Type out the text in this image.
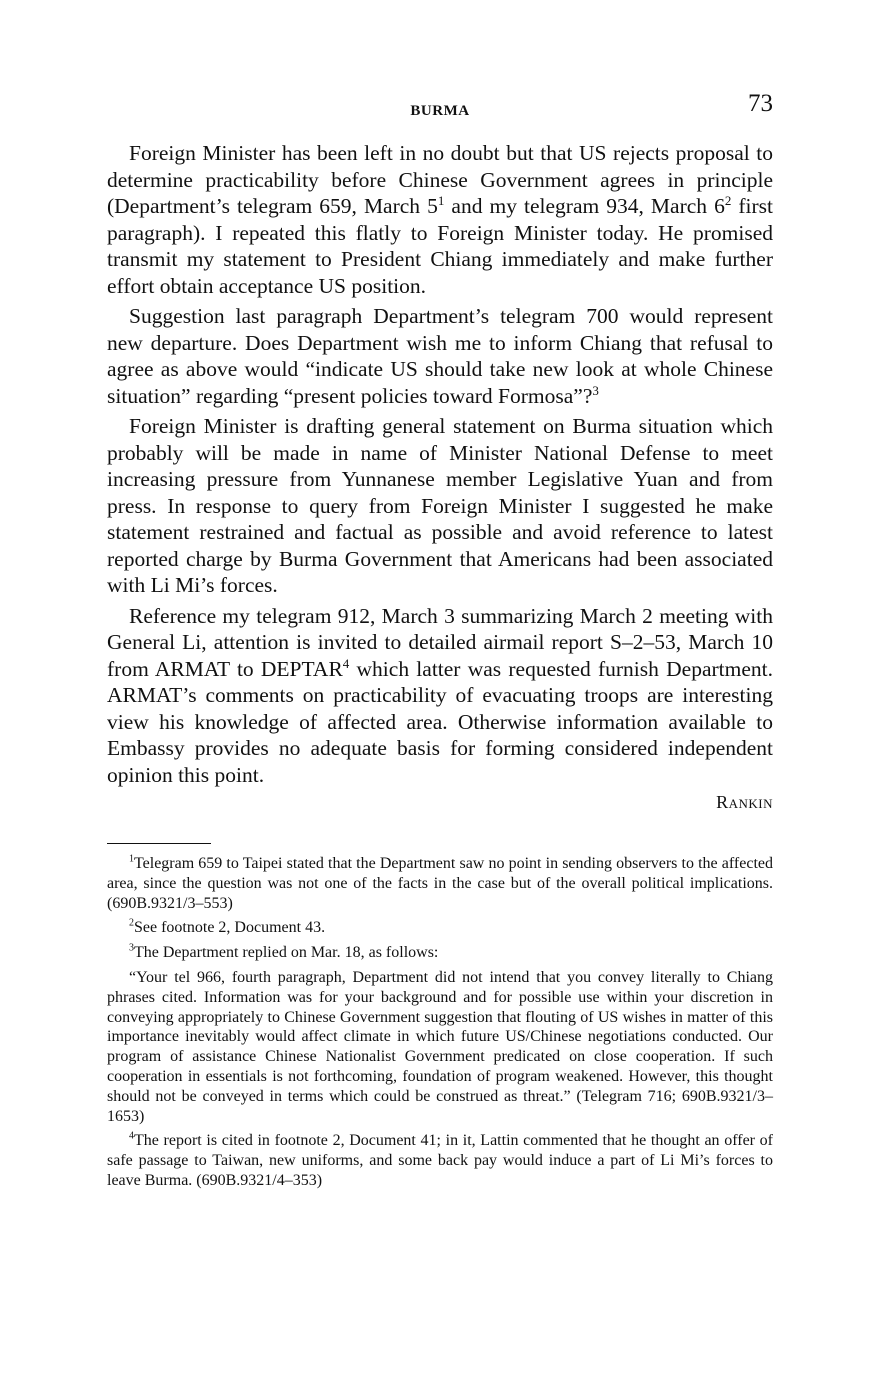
BURMA	73

Foreign Minister has been left in no doubt but that US rejects proposal to determine practicability before Chinese Government agrees in principle (Department’s telegram 659, March $5^1$ and my telegram 934, March $6^2$ first paragraph). I repeated this flatly to Foreign Minister today. He promised transmit my statement to President Chiang immediately and make further effort obtain acceptance US position.

Suggestion last paragraph Department’s telegram 700 would represent new departure. Does Department wish me to inform Chiang that refusal to agree as above would “indicate US should take new look at whole Chinese situation” regarding “present policies toward Formosa”?$^3$

Foreign Minister is drafting general statement on Burma situation which probably will be made in name of Minister National Defense to meet increasing pressure from Yunnanese member Legislative Yuan and from press. In response to query from Foreign Minister I suggested he make statement restrained and factual as possible and avoid reference to latest reported charge by Burma Government that Americans had been associated with Li Mi’s forces.

Reference my telegram 912, March 3 summarizing March 2 meeting with General Li, attention is invited to detailed airmail report S–2–53, March 10 from ARMAT to DEPTAR$^4$ which latter was requested furnish Department. ARMAT’s comments on practicability of evacuating troops are interesting view his knowledge of affected area. Otherwise information available to Embassy provides no adequate basis for forming considered independent opinion this point.

Rankin

$^1$Telegram 659 to Taipei stated that the Department saw no point in sending observers to the affected area, since the question was not one of the facts in the case but of the overall political implications. (690B.9321/3–553)

$^2$See footnote 2, Document 43.

$^3$The Department replied on Mar. 18, as follows:

“Your tel 966, fourth paragraph, Department did not intend that you convey literally to Chiang phrases cited. Information was for your background and for possible use within your discretion in conveying appropriately to Chinese Government suggestion that flouting of US wishes in matter of this importance inevitably would affect climate in which future US/Chinese negotiations conducted. Our program of assistance Chinese Nationalist Government predicated on close cooperation. If such cooperation in essentials is not forthcoming, foundation of program weakened. However, this thought should not be conveyed in terms which could be construed as threat.” (Telegram 716; 690B.9321/3–1653)

$^4$The report is cited in footnote 2, Document 41; in it, Lattin commented that he thought an offer of safe passage to Taiwan, new uniforms, and some back pay would induce a part of Li Mi’s forces to leave Burma. (690B.9321/4–353)
